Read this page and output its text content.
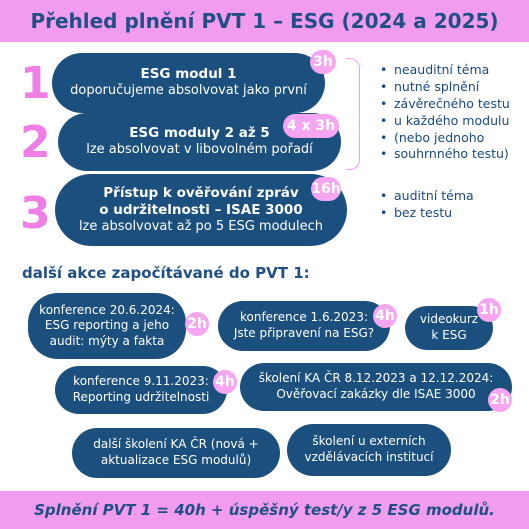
Přehled plnění PVT 1 – ESG (2024 a 2025)
1	ESG modul 1
doporučujeme absolvovat jako první
3h
2	ESG moduly 2 až 5
lze absolvovat v libovolném pořadí
4 x 3h
3	Přístup k ověřování zpráv
o udržitelnosti – ISAE 3000
lze absolvovat až po 5 ESG modulech
16h
• neauditní téma
• nutné splnění
• závěrečného testu
• u každého modulu
• (nebo jednoho
• souhrnného testu)
• auditní téma
• bez testu
další akce započítávané do PVT 1:
konference 20.6.2024:
ESG reporting a jeho
audit: mýty a fakta
2h	konference 1.6.2023:
Jste připravení na ESG?
4h videokurz
k ESG
1h
konference 9.11.2023:
Reporting udržitelnosti
4h školení KA ČR 8.12.2023 a 12.12.2024:
Ověřovací zakázky dle ISAE 3000 2h
další školení KA ČR (nová +
aktualizace ESG modulů)
školení u externích
vzdělávacích institucí
Splnění PVT 1 = 40h + úspěšný test/y z 5 ESG modulů.
